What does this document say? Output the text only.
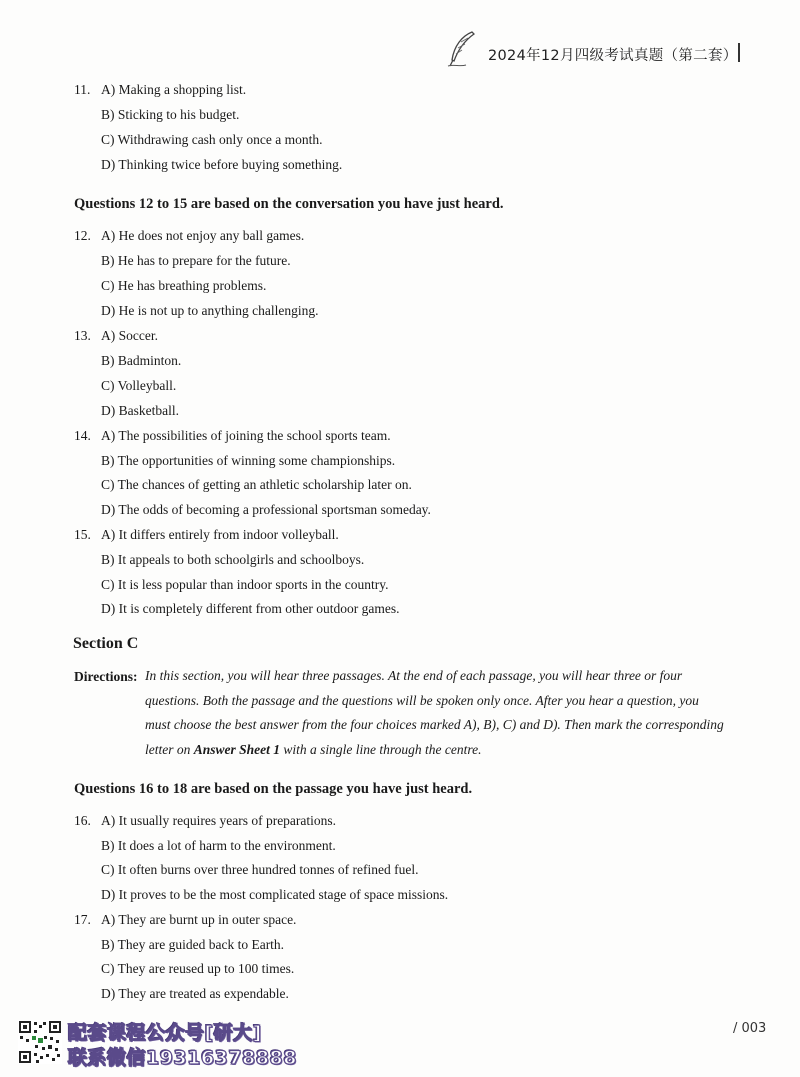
2024年12月四级考试真题（第二套）
11. A) Making a shopping list.
B) Sticking to his budget.
C) Withdrawing cash only once a month.
D) Thinking twice before buying something.
Questions 12 to 15 are based on the conversation you have just heard.
12. A) He does not enjoy any ball games.
B) He has to prepare for the future.
C) He has breathing problems.
D) He is not up to anything challenging.
13. A) Soccer.
B) Badminton.
C) Volleyball.
D) Basketball.
14. A) The possibilities of joining the school sports team.
B) The opportunities of winning some championships.
C) The chances of getting an athletic scholarship later on.
D) The odds of becoming a professional sportsman someday.
15. A) It differs entirely from indoor volleyball.
B) It appeals to both schoolgirls and schoolboys.
C) It is less popular than indoor sports in the country.
D) It is completely different from other outdoor games.
Section C
Directions: In this section, you will hear three passages. At the end of each passage, you will hear three or four
questions. Both the passage and the questions will be spoken only once. After you hear a question, you
must choose the best answer from the four choices marked A), B), C) and D). Then mark the corresponding
letter on Answer Sheet 1 with a single line through the centre.
Questions 16 to 18 are based on the passage you have just heard.
16. A) It usually requires years of preparations.
B) It does a lot of harm to the environment.
C) It often burns over three hundred tonnes of refined fuel.
D) It proves to be the most complicated stage of space missions.
17. A) They are burnt up in outer space.
B) They are guided back to Earth.
C) They are reused up to 100 times.
D) They are treated as expendable.
配套课程公众号[研大]
联系微信19316378888
/ 003
